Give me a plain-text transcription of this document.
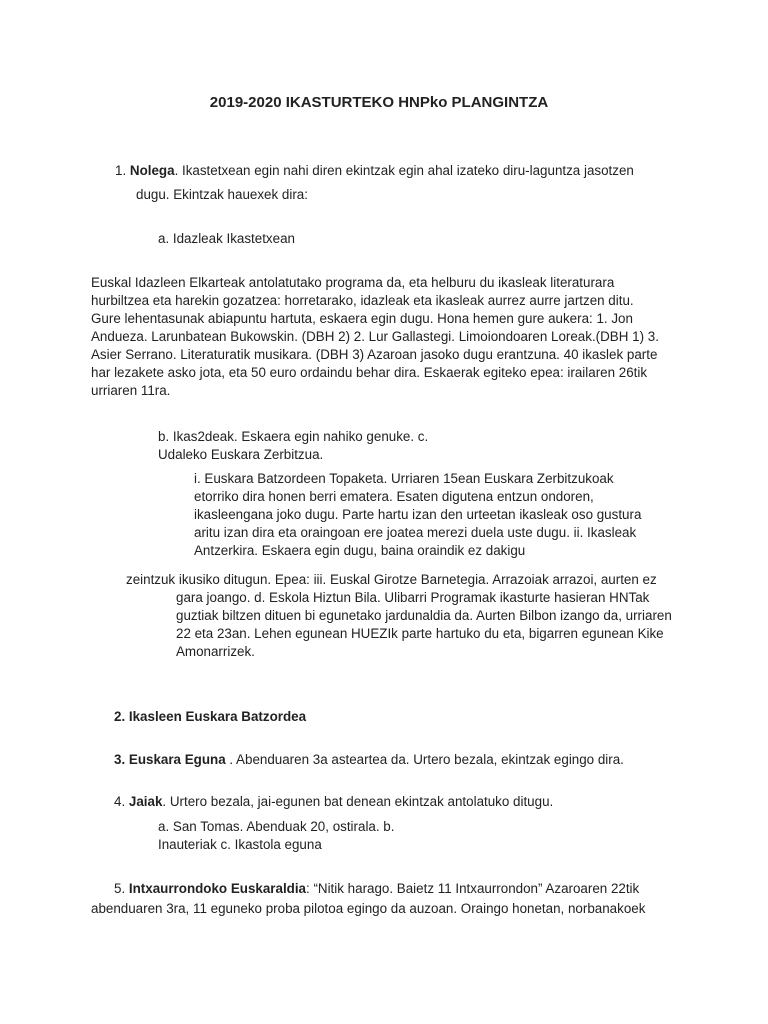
2019-2020 IKASTURTEKO HNPko PLANGINTZA
1. Nolega. Ikastetxean egin nahi diren ekintzak egin ahal izateko diru-laguntza jasotzen
dugu. Ekintzak hauexek dira:
a. Idazleak Ikastetxean
Euskal Idazleen Elkarteak antolatutako programa da, eta helburu du ikasleak literaturara
hurbiltzea eta harekin gozatzea: horretarako, idazleak eta ikasleak aurrez aurre jartzen ditu.
Gure lehentasunak abiapuntu hartuta, eskaera egin dugu. Hona hemen gure aukera: 1. Jon
Andueza. Larunbatean Bukowskin. (DBH 2) 2. Lur Gallastegi. Limoiondoaren Loreak.(DBH 1) 3.
Asier Serrano. Literaturatik musikara. (DBH 3) Azaroan jasoko dugu erantzuna. 40 ikaslek parte
har lezakete asko jota, eta 50 euro ordaindu behar dira. Eskaerak egiteko epea: irailaren 26tik
urriaren 11ra.
b. Ikas2deak. Eskaera egin nahiko genuke. c.
Udaleko Euskara Zerbitzua.
i. Euskara Batzordeen Topaketa. Urriaren 15ean Euskara Zerbitzukoak
etorriko dira honen berri ematera. Esaten digutena entzun ondoren,
ikasleengana joko dugu. Parte hartu izan den urteetan ikasleak oso gustura
aritu izan dira eta oraingoan ere joatea merezi duela uste dugu. ii. Ikasleak
Antzerkira. Eskaera egin dugu, baina oraindik ez dakigu
zeintzuk ikusiko ditugun. Epea: iii. Euskal Girotze Barnetegia. Arrazoiak arrazoi, aurten ez
gara joango. d. Eskola Hiztun Bila. Ulibarri Programak ikasturte hasieran HNTak
guztiak biltzen dituen bi egunetako jardunaldia da. Aurten Bilbon izango da, urriaren
22 eta 23an. Lehen egunean HUEZIk parte hartuko du eta, bigarren egunean Kike
Amonarrizek.
2. Ikasleen Euskara Batzordea
3. Euskara Eguna . Abenduaren 3a asteartea da. Urtero bezala, ekintzak egingo dira.
4. Jaiak. Urtero bezala, jai-egunen bat denean ekintzak antolatuko ditugu.
a. San Tomas. Abenduak 20, ostirala. b.
Inauteriak c. Ikastola eguna
5. Intxaurrondoko Euskaraldia: “Nitik harago. Baietz 11 Intxaurrondon” Azaroaren 22tik
abenduaren 3ra, 11 eguneko proba pilotoa egingo da auzoan. Oraingo honetan, norbanakoek
